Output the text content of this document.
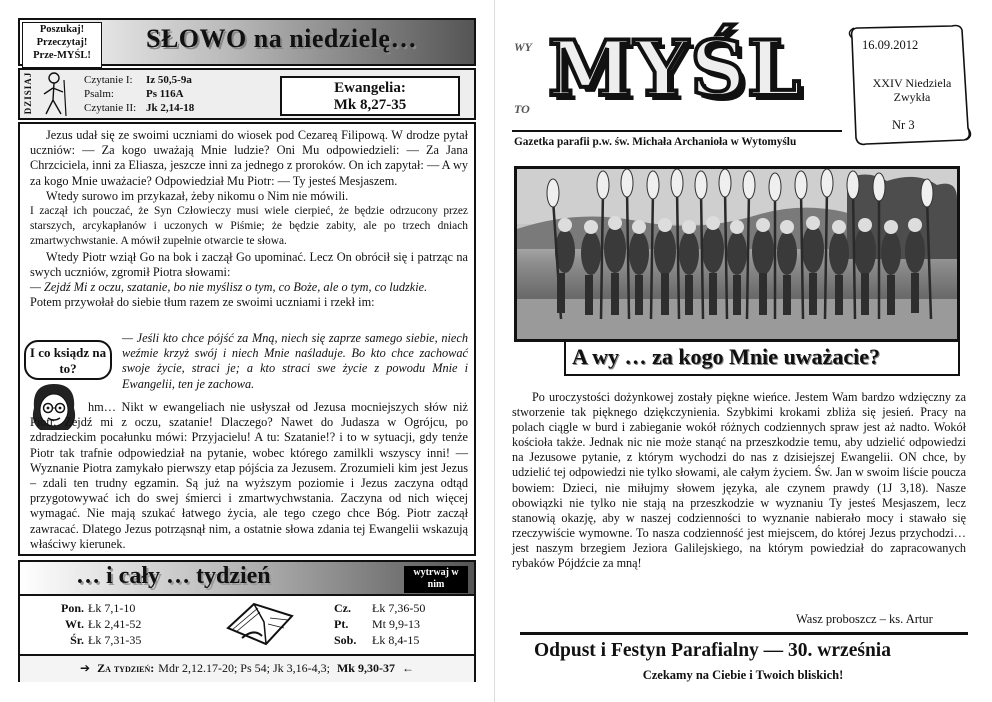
Poszukaj!
Przeczytaj!
Prze-MYŚL!
SŁOWO na niedzielę…
DZISIAJ	Czytanie I: Iz 50,5-9a
Psalm:	Ps 116A
Czytanie II: Jk 2,14-18
Ewangelia:
Mk 8,27-35

Jezus udał się ze swoimi uczniami do wiosek pod Cezareą Filipową. W drodze pytał uczniów: — Za kogo uważają Mnie ludzie? Oni Mu odpowiedzieli: — Za Jana Chrzciciela, inni za Eliasza, jeszcze inni za jednego z proroków. On ich zapytał: — A wy za kogo Mnie uważacie? Odpowiedział Mu Piotr: — Ty jesteś Mesjaszem.

Wtedy surowo im przykazał, żeby nikomu o Nim nie mówili.

I zaczął ich pouczać, że Syn Człowieczy musi wiele cierpieć, że będzie odrzucony przez starszych, arcykapłanów i uczonych w Piśmie; że będzie zabity, ale po trzech dniach zmartwychwstanie. A mówił zupełnie otwarcie te słowa.

Wtedy Piotr wziął Go na bok i zaczął Go upominać. Lecz On obrócił się i patrząc na swych uczniów, zgromił Piotra słowami:

— Zejdź Mi z oczu, szatanie, bo nie myślisz o tym, co Boże, ale o tym, co ludzkie.

Potem przywołał do siebie tłum razem ze swoimi uczniami i rzekł im:

— Jeśli kto chce pójść za Mną, niech się zaprze samego siebie, niech weźmie krzyż swój i niech Mnie naśladuje. Bo kto chce zachować swoje życie, straci je; a kto straci swe życie z powodu Mnie i Ewangelii, ten je zachowa.
I co ksiądz na to?
hm… Nikt w ewangeliach nie usłyszał od Jezusa mocniejszych słów niż Piotr. Zejdź mi z oczu, szatanie! Dlaczego? Nawet do Judasza w Ogrójcu, po zdradzieckim pocałunku mówi: Przyjacielu! A tu: Szatanie!? i to w sytuacji, gdy tenże Piotr tak trafnie odpowiedział na pytanie, wobec którego zamilkli wszyscy inni! — Wyznanie Piotra zamykało pierwszy etap pójścia za Jezusem. Zrozumieli kim jest Jezus – zdali ten trudny egzamin. Są już na wyższym poziomie i Jezus zaczyna odtąd przygotowywać ich do swej śmierci i zmartwychwstania. Zaczyna od nich więcej wymagać. Nie mają szukać łatwego życia, ale tego czego chce Bóg. Piotr zaczął zawracać. Dlatego Jezus potrząsnął nim, a ostatnie słowa zdania tej Ewangelii wskazują właściwy kierunek.
… i cały … tydzień	wytrwaj w nim
Pon. Łk 7,1-10
Wt. Łk 2,41-52
Śr. Łk 7,31-35
Cz. Łk 7,36-50
Pt. Mt 9,9-13
Sob. Łk 8,4-15
➔ Za tydzień: Mdr 2,12.17-20; Ps 54; Jk 3,16-4,3; Mk 9,30-37 ←
WY
TO MYŚL
Gazetka parafii p.w. św. Michała Archanioła w Wytomyślu
16.09.2012
XXIV Niedziela Zwykła
Nr 3
A wy … za kogo Mnie uważacie?
Po uroczystości dożynkowej zostały piękne wieńce. Jestem Wam bardzo wdzięczny za stworzenie tak pięknego dziękczynienia. Szybkimi krokami zbliża się jesień. Pracy na polach ciągle w burd i zabieganie wokół różnych codziennych spraw jest aż nadto. Wokół kościoła także. Jednak nic nie może stanąć na przeszkodzie temu, aby udzielić odpowiedzi na Jezusowe pytanie, z którym wychodzi do nas z dzisiejszej Ewangelii. ON chce, by udzielić tej odpowiedzi nie tylko słowami, ale całym życiem. Św. Jan w swoim liście poucza bowiem: Dzieci, nie miłujmy słowem języka, ale czynem prawdy (1J 3,18). Nasze obowiązki nie tylko nie stają na przeszkodzie w wyznaniu Ty jesteś Mesjaszem, lecz stanowią okazję, aby w naszej codzienności to wyznanie nabierało mocy i stawało się rzeczywiście wymowne. To nasza codzienność jest miejscem, do której Jezus przychodzi… jest naszym brzegiem Jeziora Galilejskiego, na którym powiedział do zapracowanych rybaków Pójdźcie za mną!
Wasz proboszcz – ks. Artur
Odpust i Festyn Parafialny — 30. września
Czekamy na Ciebie i Twoich bliskich!
